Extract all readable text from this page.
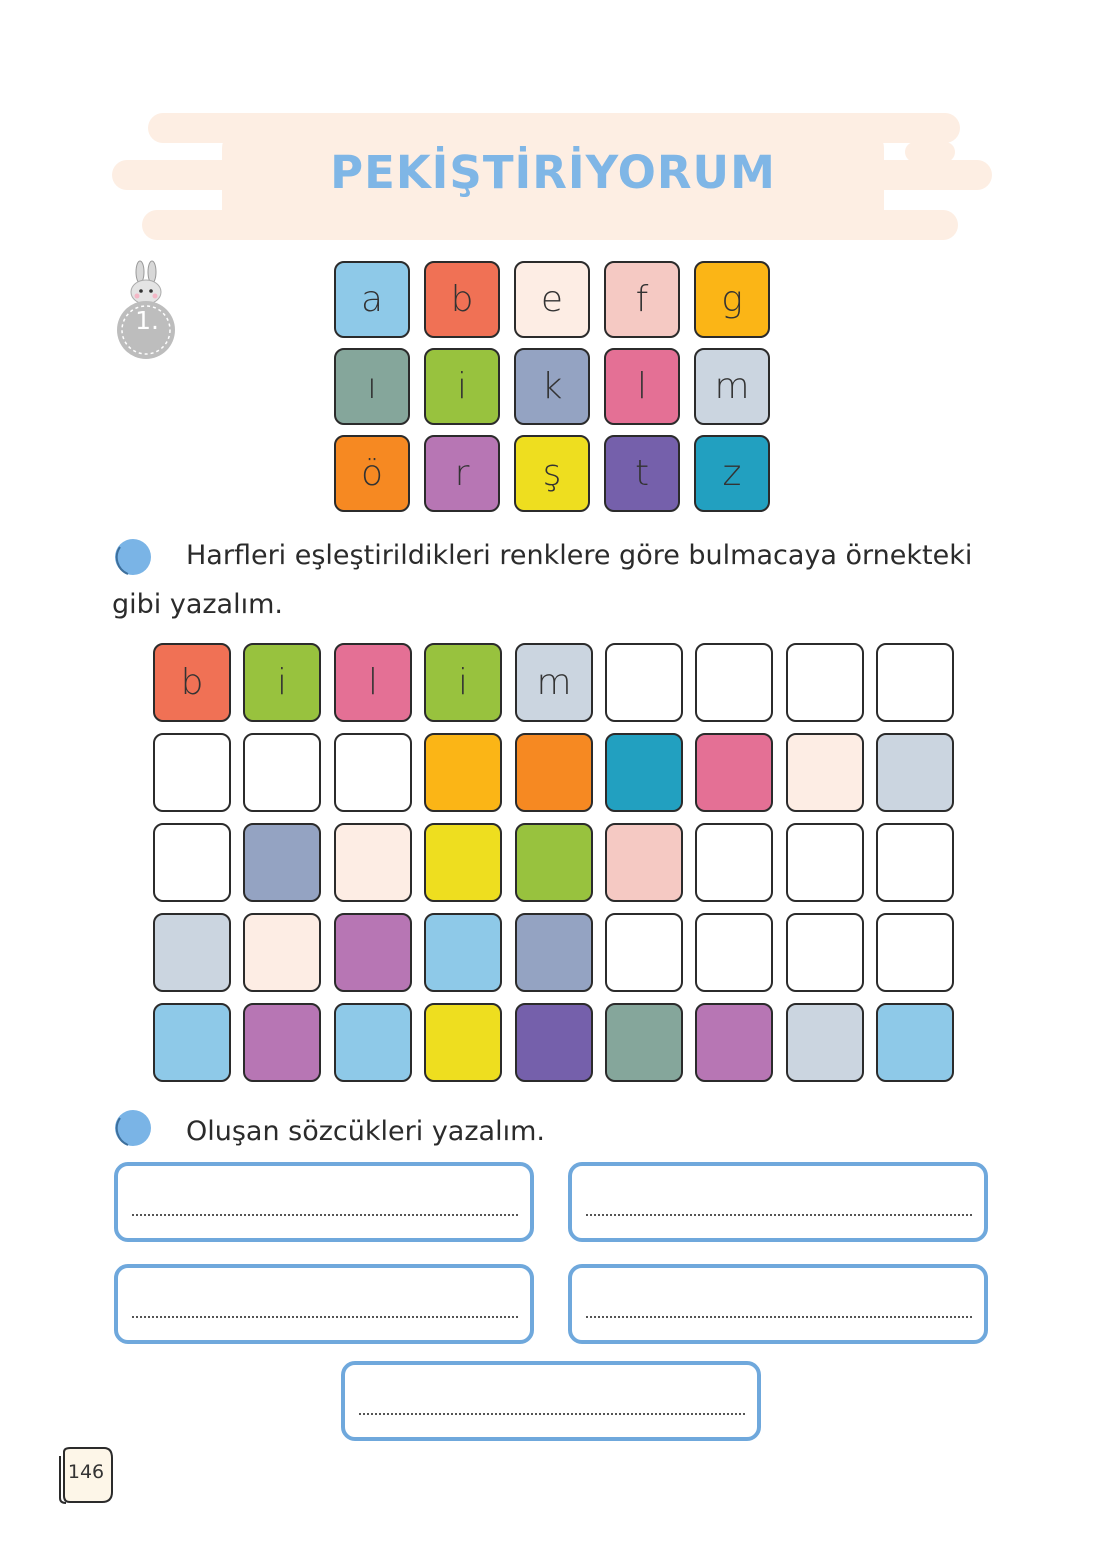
PEKİŞTİRİYORUM
1.
a b e f g
ı i k l m
ö r ş t z
Harfleri eşleştirildikleri renklere göre bulmacaya örnekteki
gibi yazalım.
b i l i m
Oluşan sözcükleri yazalım.
146
